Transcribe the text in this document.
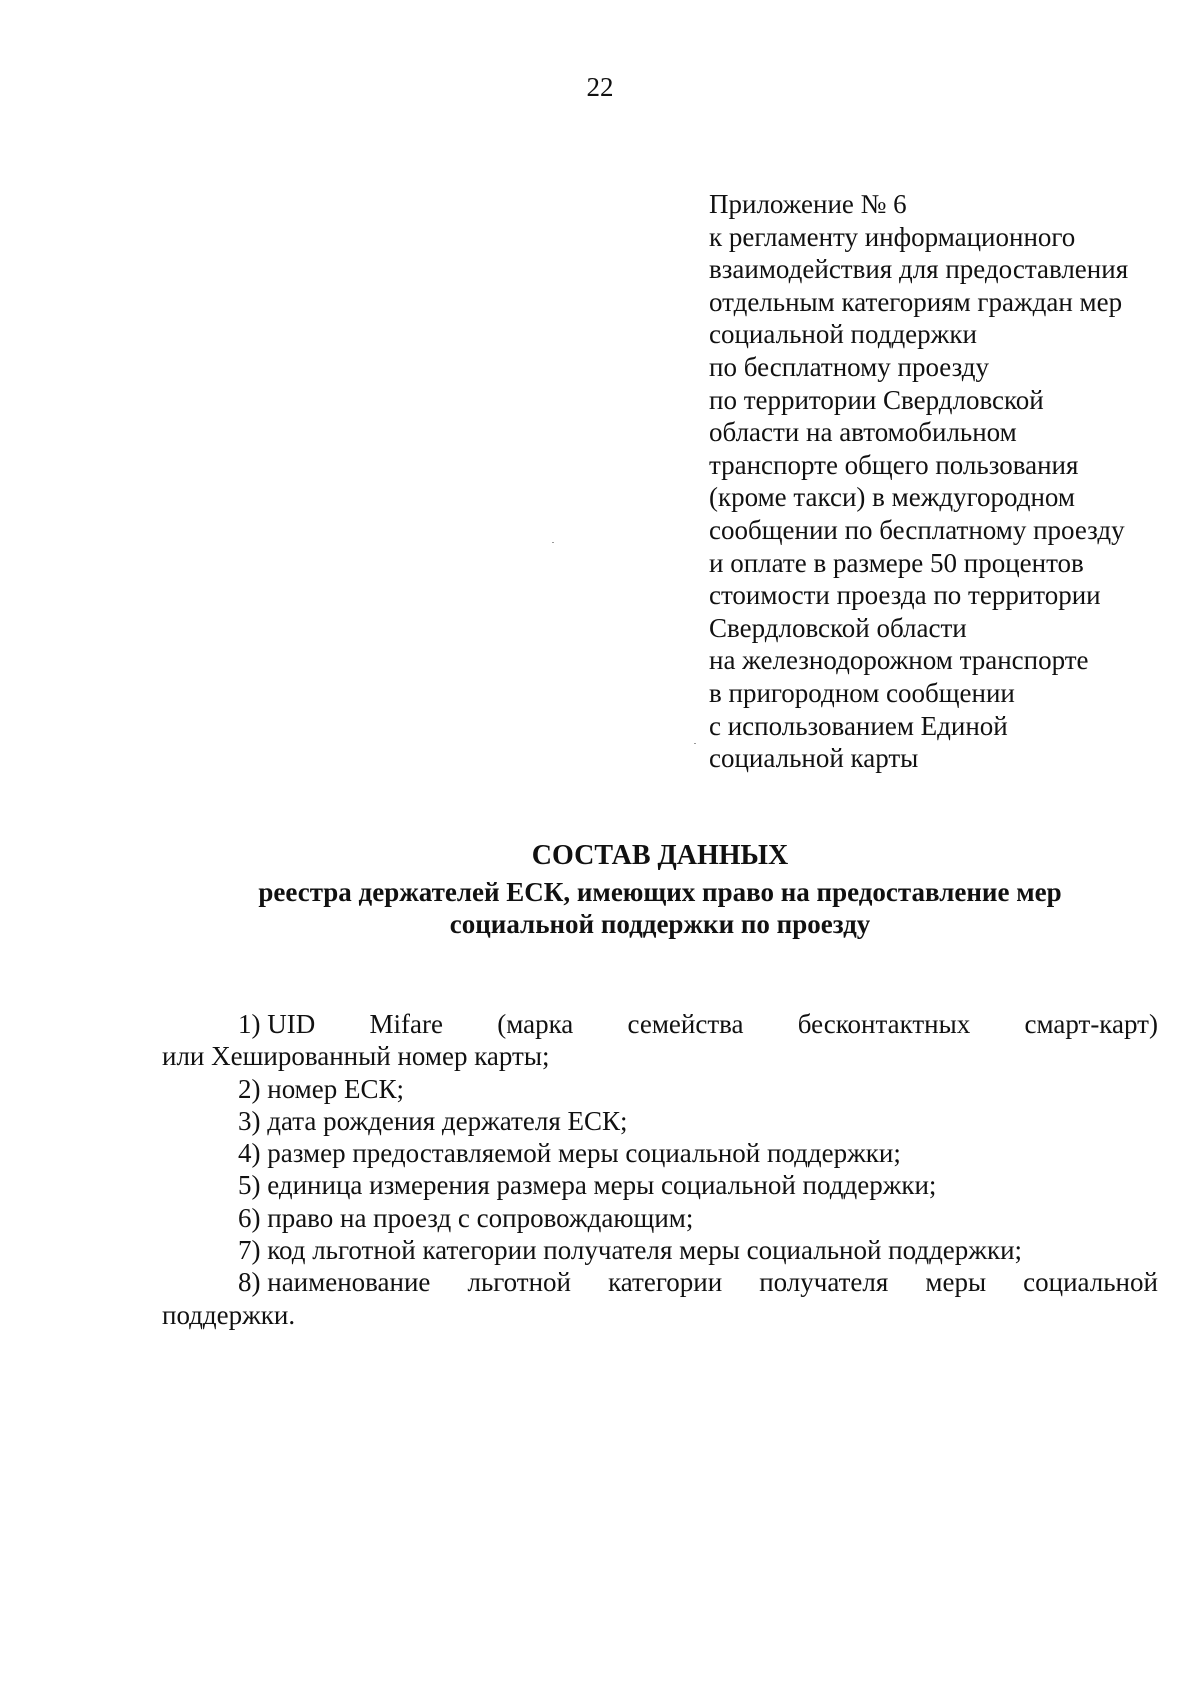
22
Приложение № 6
к регламенту информационного
взаимодействия для предоставления
отдельным категориям граждан мер
социальной поддержки
по бесплатному проезду
по территории Свердловской
области на автомобильном
транспорте общего пользования
(кроме такси) в междугородном
сообщении по бесплатному проезду
и оплате в размере 50 процентов
стоимости проезда по территории
Свердловской области
на железнодорожном транспорте
в пригородном сообщении
с использованием Единой
социальной карты
СОСТАВ ДАННЫХ
реестра держателей ЕСК, имеющих право на предоставление мер
социальной поддержки по проезду
1) UID Mifare (марка семейства бесконтактных смарт-карт)
или Хешированный номер карты;
2) номер ЕСК;
3) дата рождения держателя ЕСК;
4) размер предоставляемой меры социальной поддержки;
5) единица измерения размера меры социальной поддержки;
6) право на проезд с сопровождающим;
7) код льготной категории получателя меры социальной поддержки;
8) наименование льготной категории получателя меры социальной
поддержки.
